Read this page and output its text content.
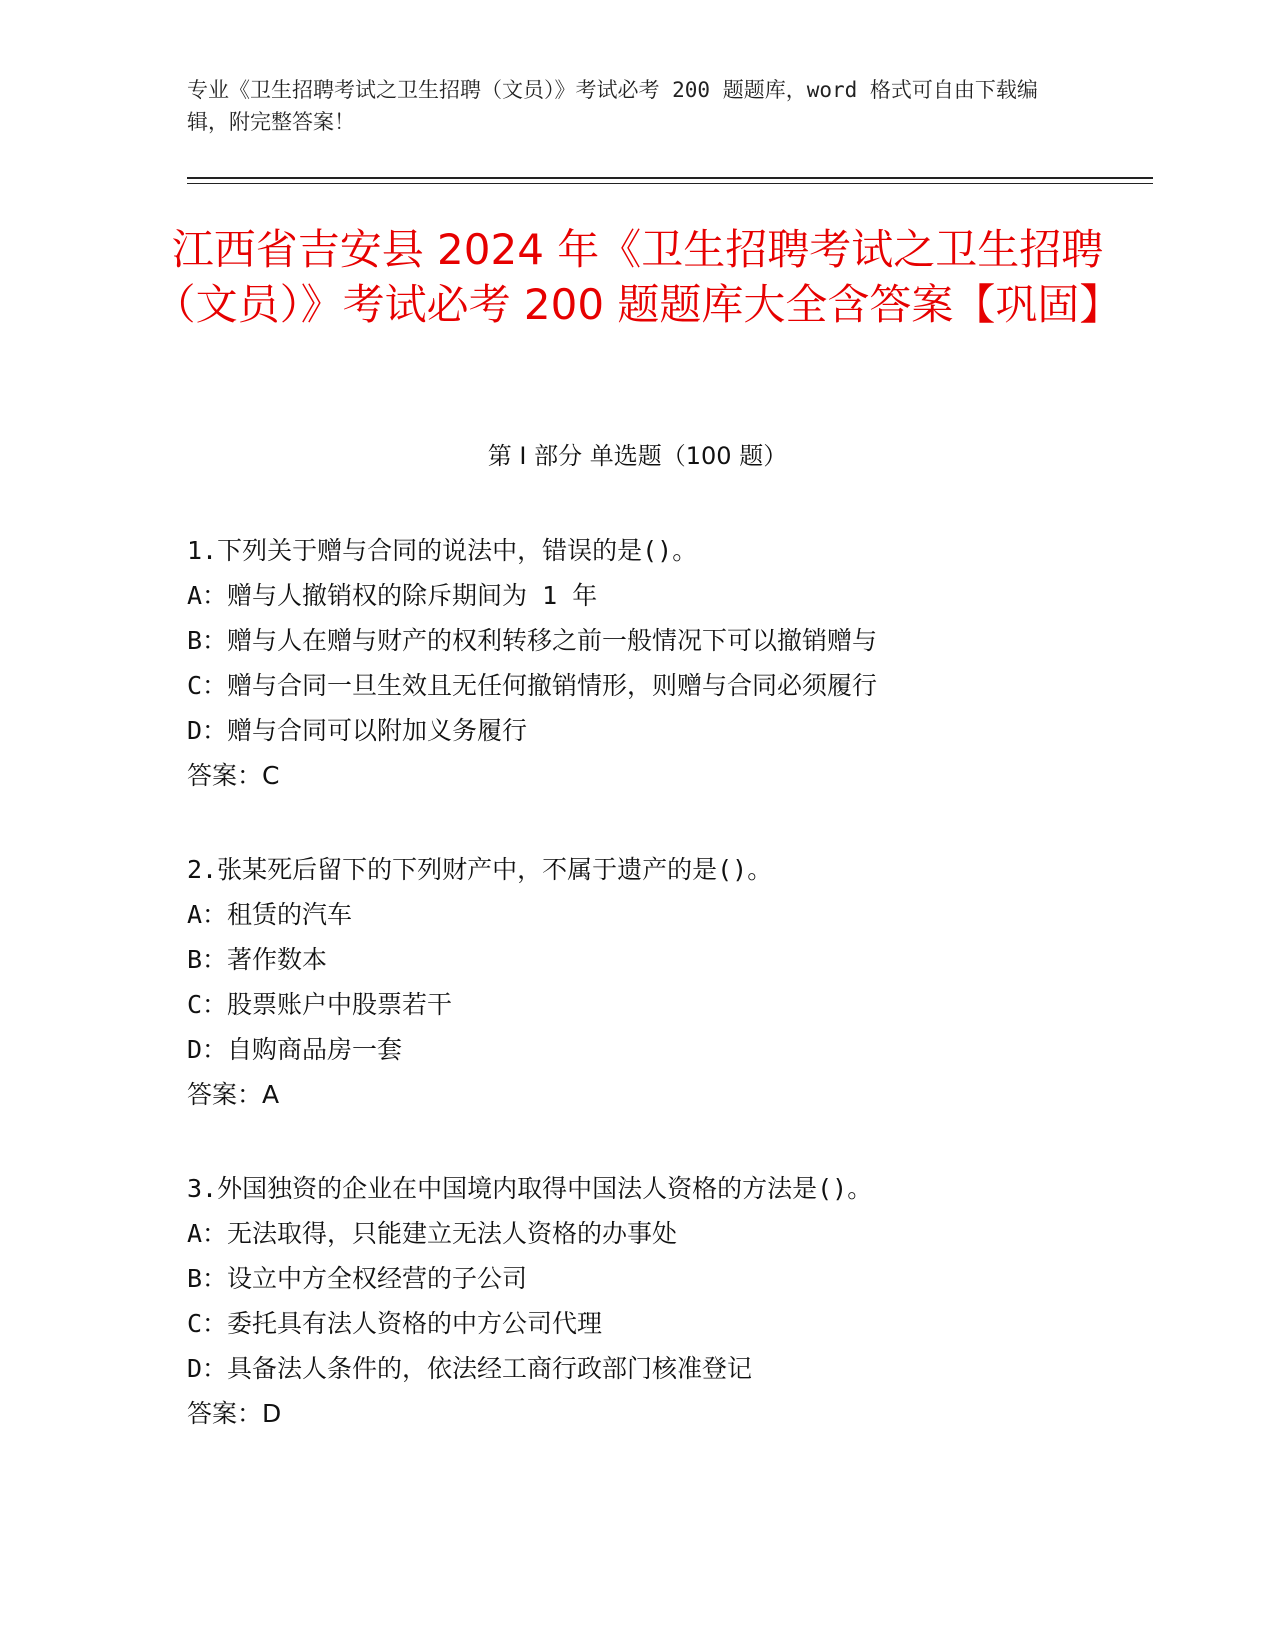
专业《卫生招聘考试之卫生招聘（文员）》考试必考 200 题题库，word 格式可自由下载编辑，附完整答案！
江西省吉安县 2024 年《卫生招聘考试之卫生招聘（文员）》考试必考 200 题题库大全含答案【巩固】
第 I 部分 单选题（100 题）
1.下列关于赠与合同的说法中，错误的是()。
A：赠与人撤销权的除斥期间为 1 年
B：赠与人在赠与财产的权利转移之前一般情况下可以撤销赠与
C：赠与合同一旦生效且无任何撤销情形，则赠与合同必须履行
D：赠与合同可以附加义务履行
答案：C
2.张某死后留下的下列财产中，不属于遗产的是()。
A：租赁的汽车
B：著作数本
C：股票账户中股票若干
D：自购商品房一套
答案：A
3.外国独资的企业在中国境内取得中国法人资格的方法是()。
A：无法取得，只能建立无法人资格的办事处
B：设立中方全权经营的子公司
C：委托具有法人资格的中方公司代理
D：具备法人条件的，依法经工商行政部门核准登记
答案：D
